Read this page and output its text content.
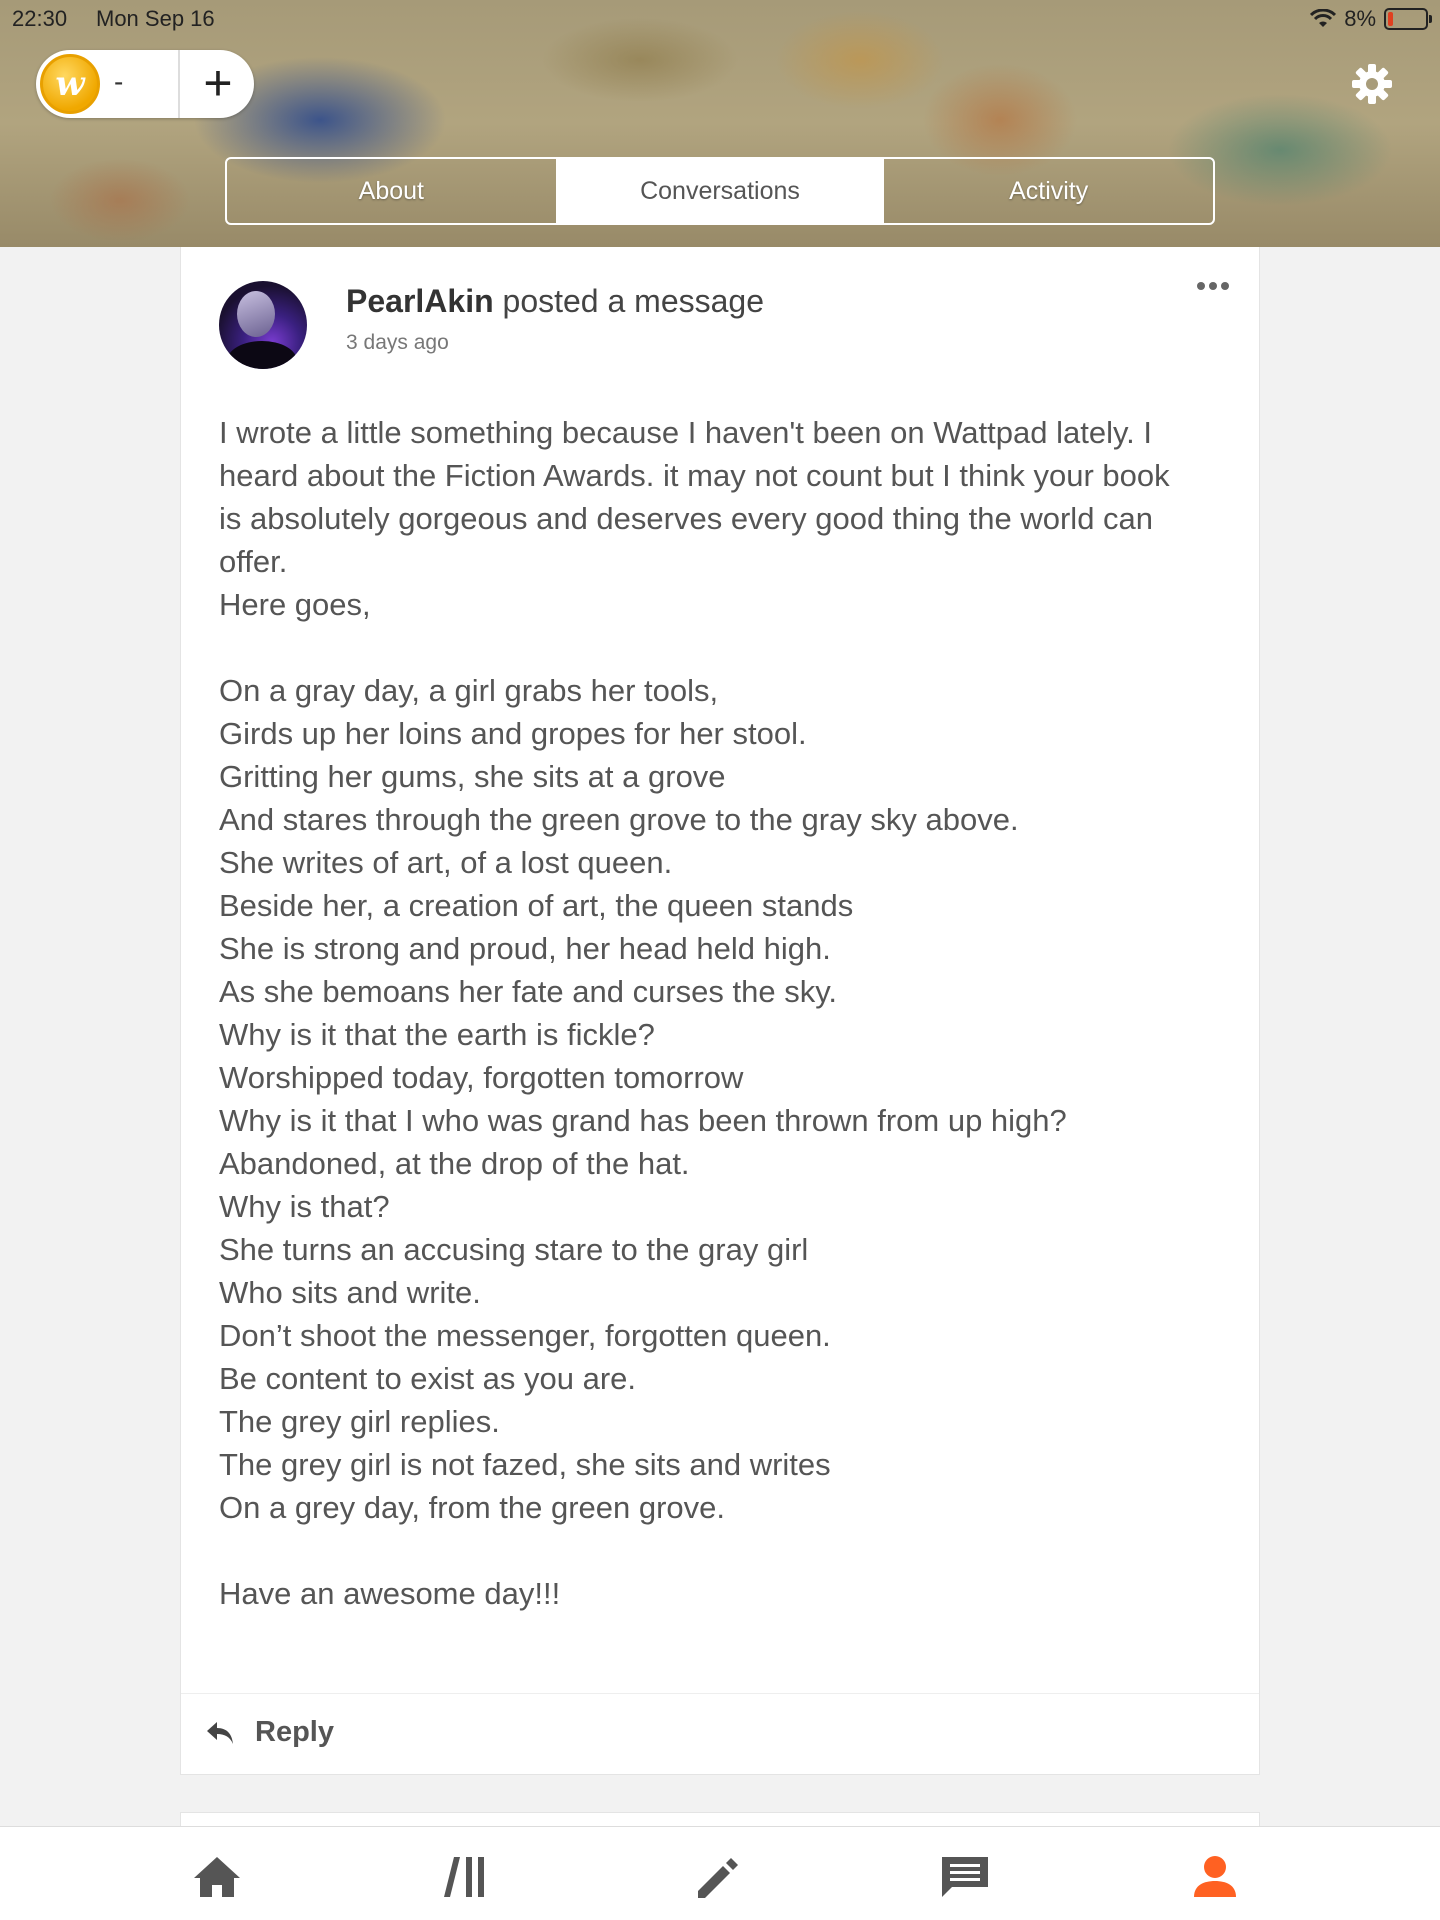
22:30 Mon Sep 16	8%
w	-	+
About	Conversations	Activity
PearlAkin posted a message
3 days ago

I wrote a little something because I haven't been on Wattpad lately. I

heard about the Fiction Awards. it may not count but I think your book

is absolutely gorgeous and deserves every good thing the world can

offer.

Here goes,

On a gray day, a girl grabs her tools,

Girds up her loins and gropes for her stool.

Gritting her gums, she sits at a grove

And stares through the green grove to the gray sky above.

She writes of art, of a lost queen.

Beside her, a creation of art, the queen stands

She is strong and proud, her head held high.

As she bemoans her fate and curses the sky.

Why is it that the earth is fickle?

Worshipped today, forgotten tomorrow

Why is it that I who was grand has been thrown from up high?

Abandoned, at the drop of the hat.

Why is that?

She turns an accusing stare to the gray girl

Who sits and write.

Don’t shoot the messenger, forgotten queen.

Be content to exist as you are.

The grey girl replies.

The grey girl is not fazed, she sits and writes

On a grey day, from the green grove.

Have an awesome day!!!

Reply
